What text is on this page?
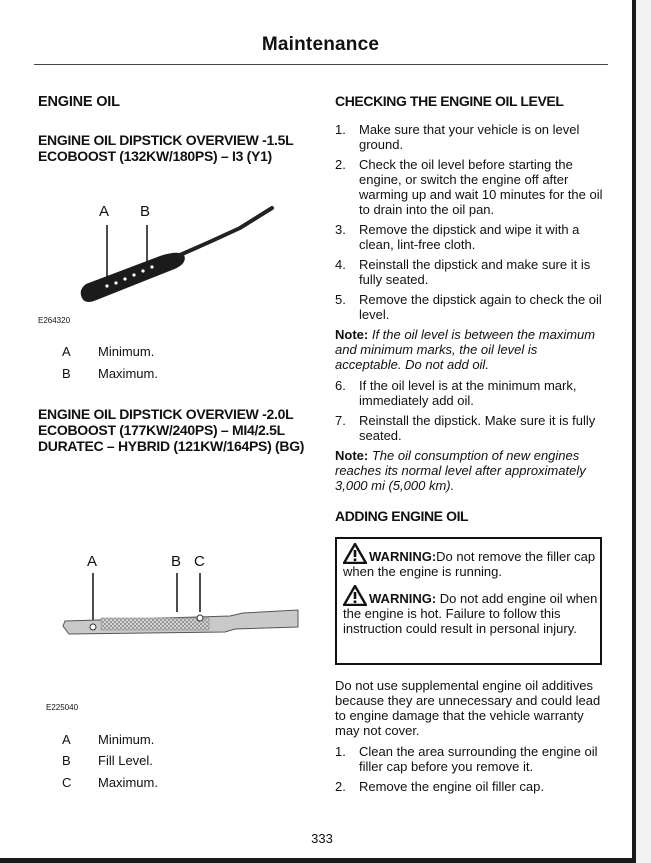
Maintenance
ENGINE OIL
ENGINE OIL DIPSTICK OVERVIEW -1.5L ECOBOOST (132KW/180PS) – I3 (Y1)
A B
E264320
A Minimum.
B Maximum.
ENGINE OIL DIPSTICK OVERVIEW -2.0L ECOBOOST (177KW/240PS) – MI4/2.5L DURATEC – HYBRID (121KW/164PS) (BG)
A	B C
E225040
A Minimum.
B Fill Level.
C Maximum.
CHECKING THE ENGINE OIL LEVEL
1. Make sure that your vehicle is on level ground.
2. Check the oil level before starting the engine, or switch the engine off after warming up and wait 10 minutes for the oil to drain into the oil pan.
3. Remove the dipstick and wipe it with a clean, lint-free cloth.
4. Reinstall the dipstick and make sure it is fully seated.
5. Remove the dipstick again to check the oil level.
Note: If the oil level is between the maximum and minimum marks, the oil level is acceptable. Do not add oil.
6. If the oil level is at the minimum mark, immediately add oil.
7. Reinstall the dipstick. Make sure it is fully seated.
Note: The oil consumption of new engines reaches its normal level after approximately 3,000 mi (5,000 km).
ADDING ENGINE OIL
WARNING:Do not remove the filler cap when the engine is running.
WARNING: Do not add engine oil when the engine is hot. Failure to follow this instruction could result in personal injury.
Do not use supplemental engine oil additives because they are unnecessary and could lead to engine damage that the vehicle warranty may not cover.
1. Clean the area surrounding the engine oil filler cap before you remove it.
2. Remove the engine oil filler cap.
333
